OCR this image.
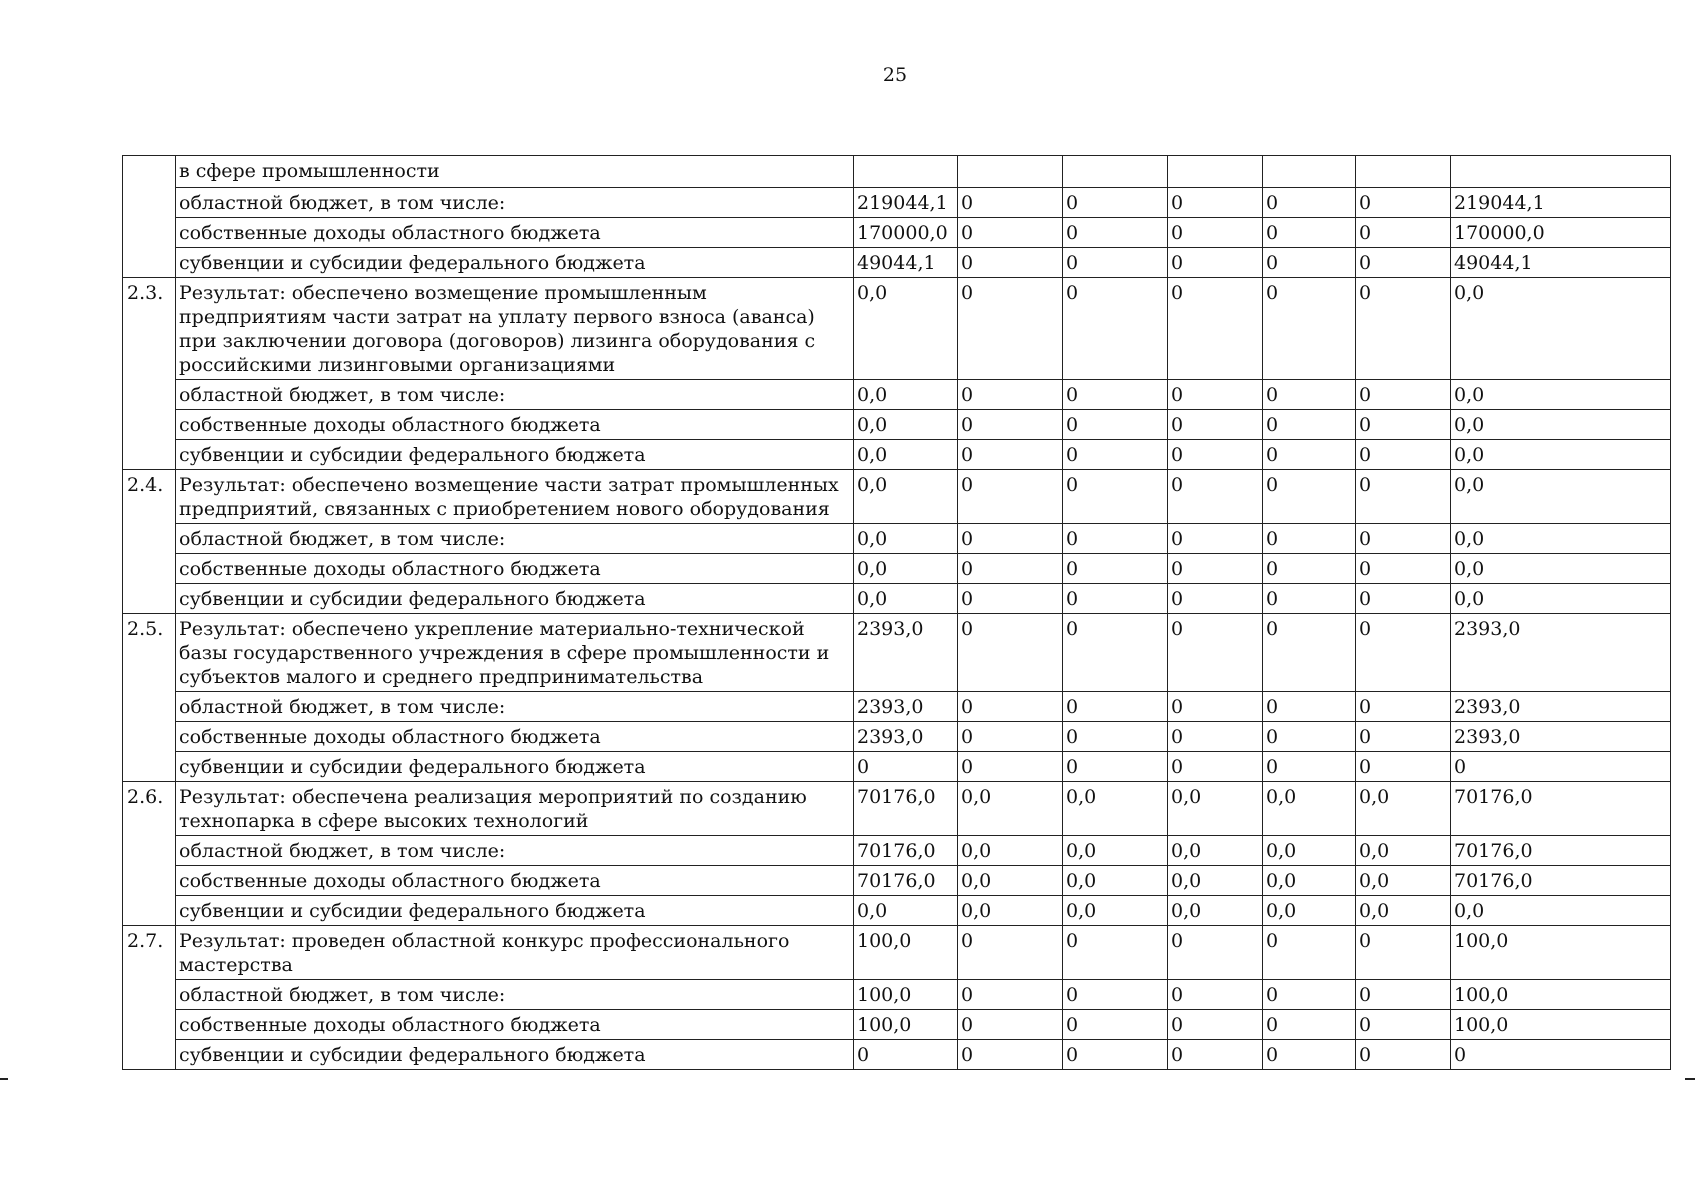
25
	в сфере промышленности							
	областной бюджет, в том числе:	219044,1	0	0	0	0	0	219044,1
	собственные доходы областного бюджета	170000,0	0	0	0	0	0	170000,0
	субвенции и субсидии федерального бюджета	49044,1	0	0	0	0	0	49044,1
2.3.	Результат: обеспечено возмещение промышленным предприятиям части затрат на уплату первого взноса (аванса) при заключении договора (договоров) лизинга оборудования с российскими лизинговыми организациями	0,0	0	0	0	0	0	0,0
	областной бюджет, в том числе:	0,0	0	0	0	0	0	0,0
	собственные доходы областного бюджета	0,0	0	0	0	0	0	0,0
	субвенции и субсидии федерального бюджета	0,0	0	0	0	0	0	0,0
2.4.	Результат: обеспечено возмещение части затрат промышленных предприятий, связанных с приобретением нового оборудования	0,0	0	0	0	0	0	0,0
	областной бюджет, в том числе:	0,0	0	0	0	0	0	0,0
	собственные доходы областного бюджета	0,0	0	0	0	0	0	0,0
	субвенции и субсидии федерального бюджета	0,0	0	0	0	0	0	0,0
2.5.	Результат: обеспечено укрепление материально-технической базы государственного учреждения в сфере промышленности и субъектов малого и среднего предпринимательства	2393,0	0	0	0	0	0	2393,0
	областной бюджет, в том числе:	2393,0	0	0	0	0	0	2393,0
	собственные доходы областного бюджета	2393,0	0	0	0	0	0	2393,0
	субвенции и субсидии федерального бюджета	0	0	0	0	0	0	0
2.6.	Результат: обеспечена реализация мероприятий по созданию технопарка в сфере высоких технологий	70176,0	0,0	0,0	0,0	0,0	0,0	70176,0
	областной бюджет, в том числе:	70176,0	0,0	0,0	0,0	0,0	0,0	70176,0
	собственные доходы областного бюджета	70176,0	0,0	0,0	0,0	0,0	0,0	70176,0
	субвенции и субсидии федерального бюджета	0,0	0,0	0,0	0,0	0,0	0,0	0,0
2.7.	Результат: проведен областной конкурс профессионального мастерства	100,0	0	0	0	0	0	100,0
	областной бюджет, в том числе:	100,0	0	0	0	0	0	100,0
	собственные доходы областного бюджета	100,0	0	0	0	0	0	100,0
	субвенции и субсидии федерального бюджета	0	0	0	0	0	0	0
